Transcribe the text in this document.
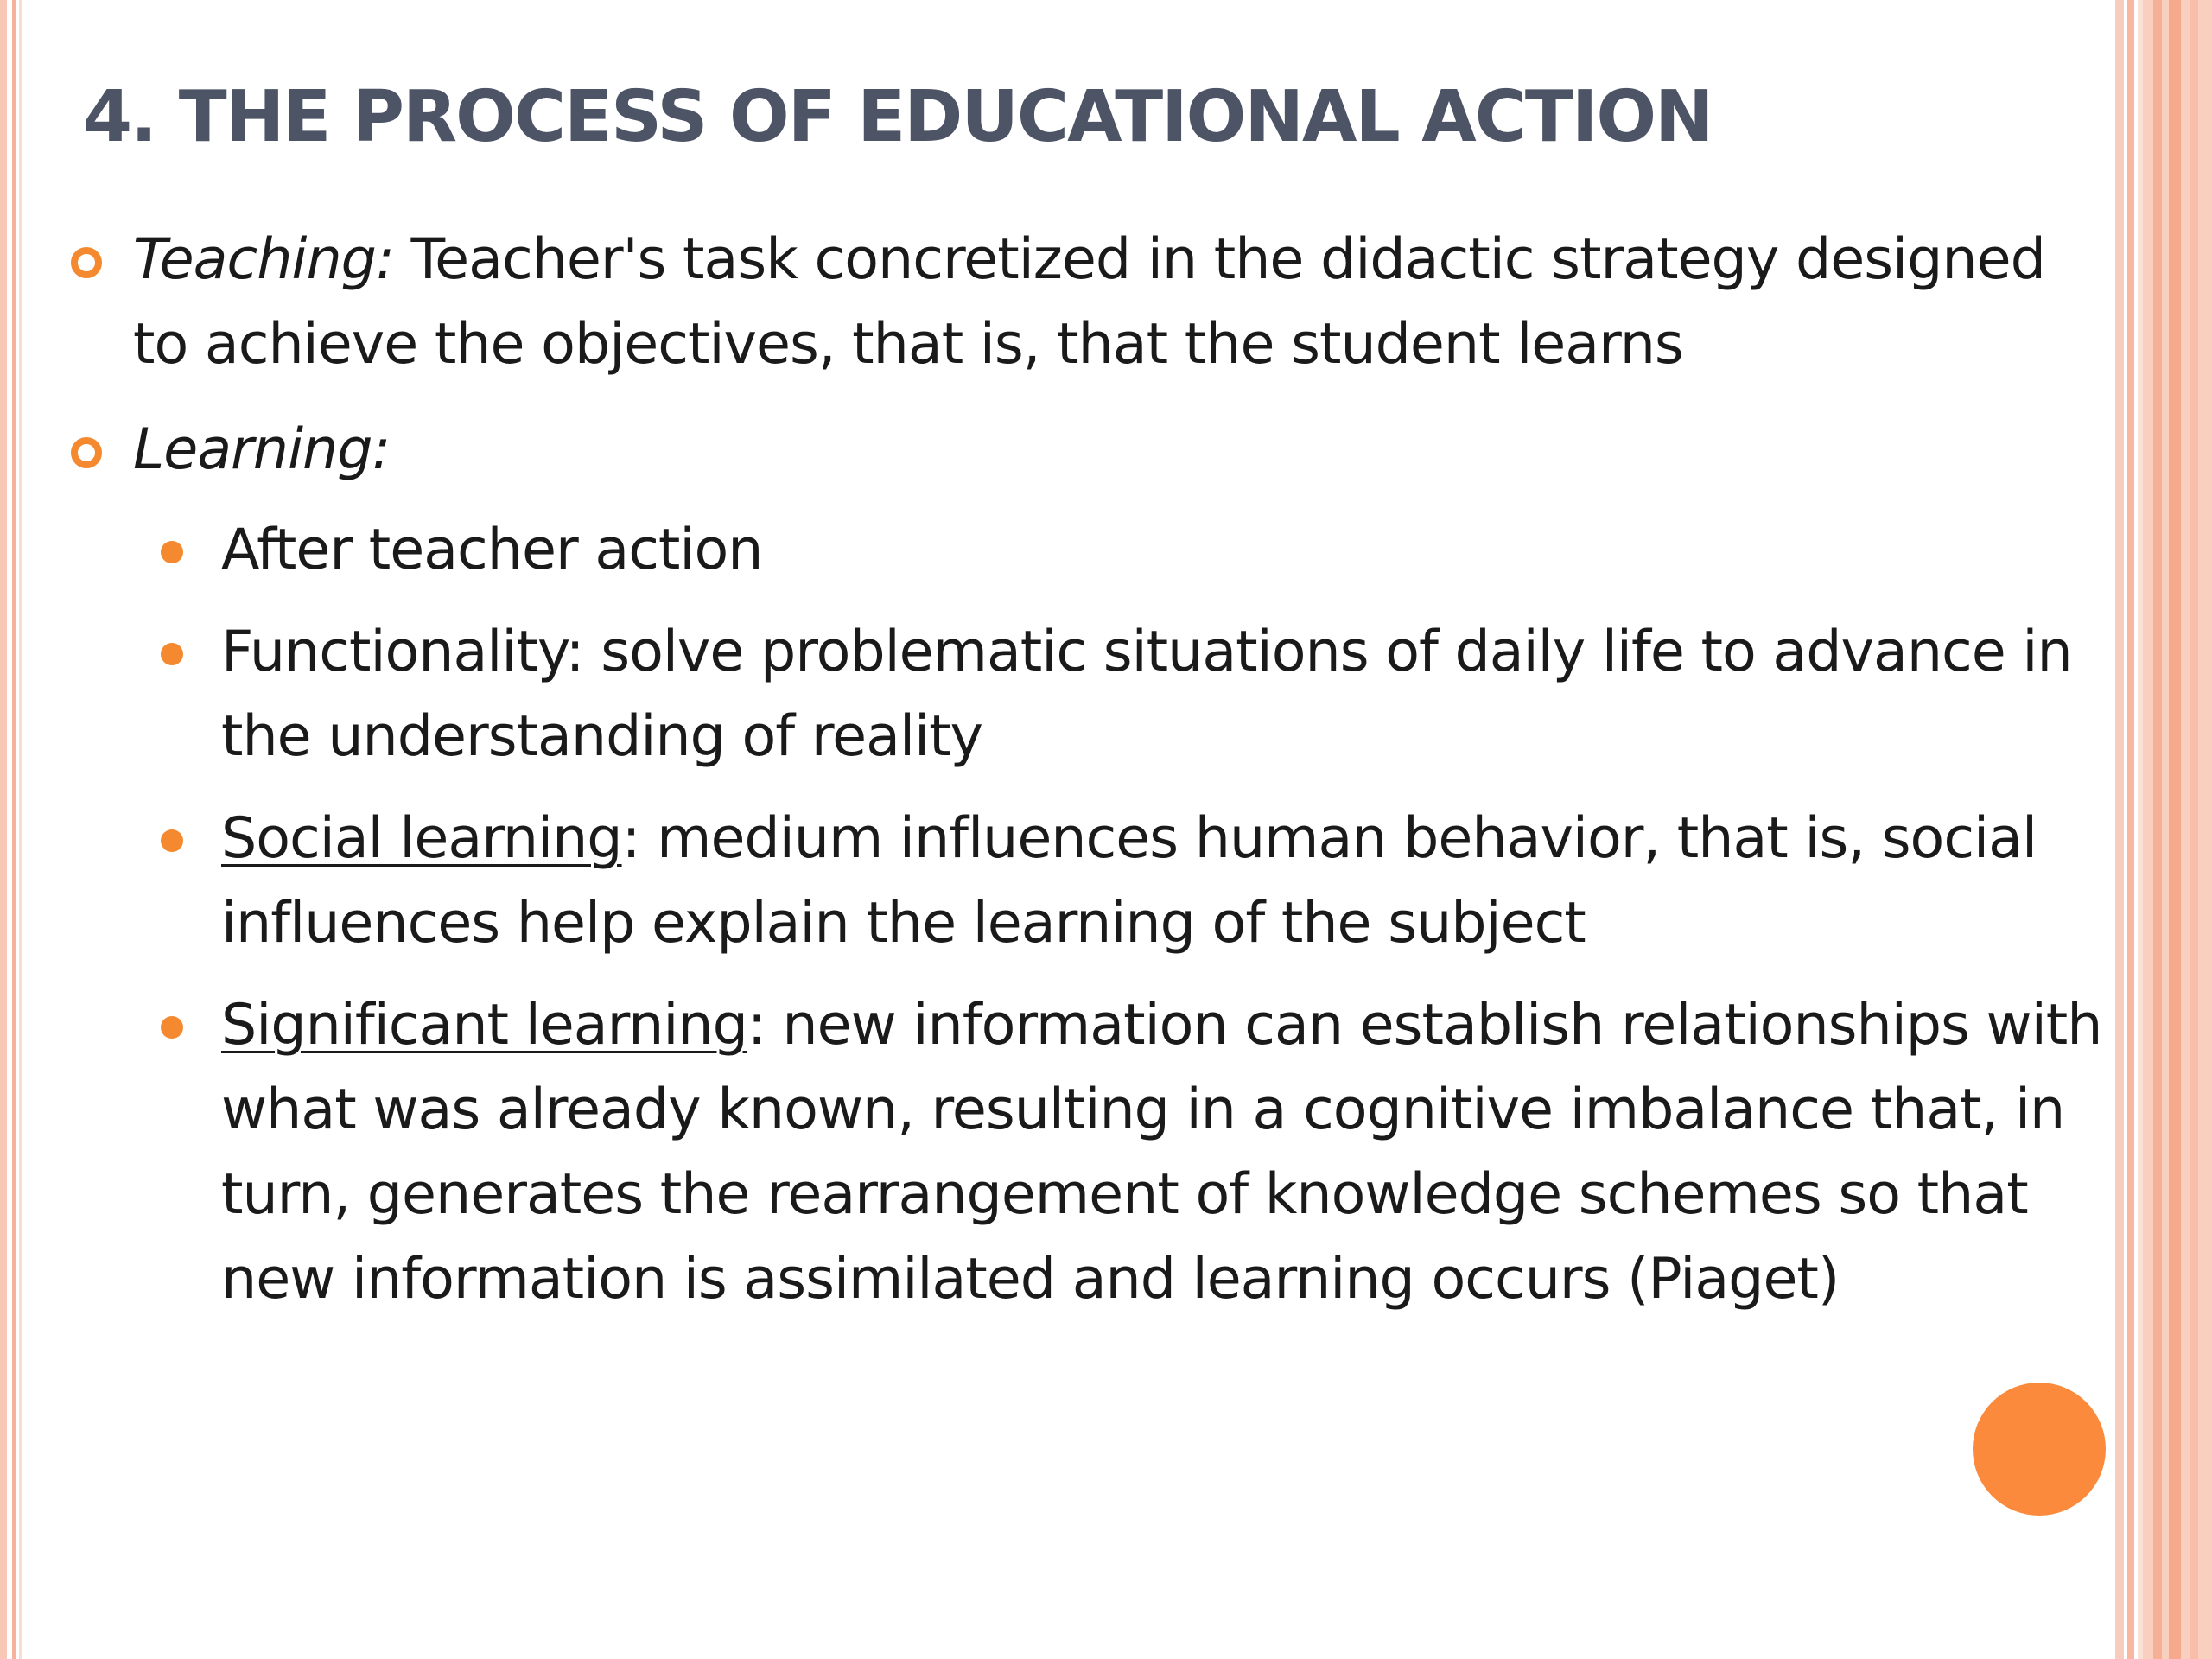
4. THE PROCESS OF EDUCATIONAL ACTION
Teaching: Teacher's task concretized in the didactic strategy designed to achieve the objectives, that is, that the student learns
Learning:
After teacher action
Functionality: solve problematic situations of daily life to advance in the understanding of reality
Social learning: medium influences human behavior, that is, social influences help explain the learning of the subject
Significant learning: new information can establish relationships with what was already known, resulting in a cognitive imbalance that, in turn, generates the rearrangement of knowledge schemes so that new information is assimilated and learning occurs (Piaget)
